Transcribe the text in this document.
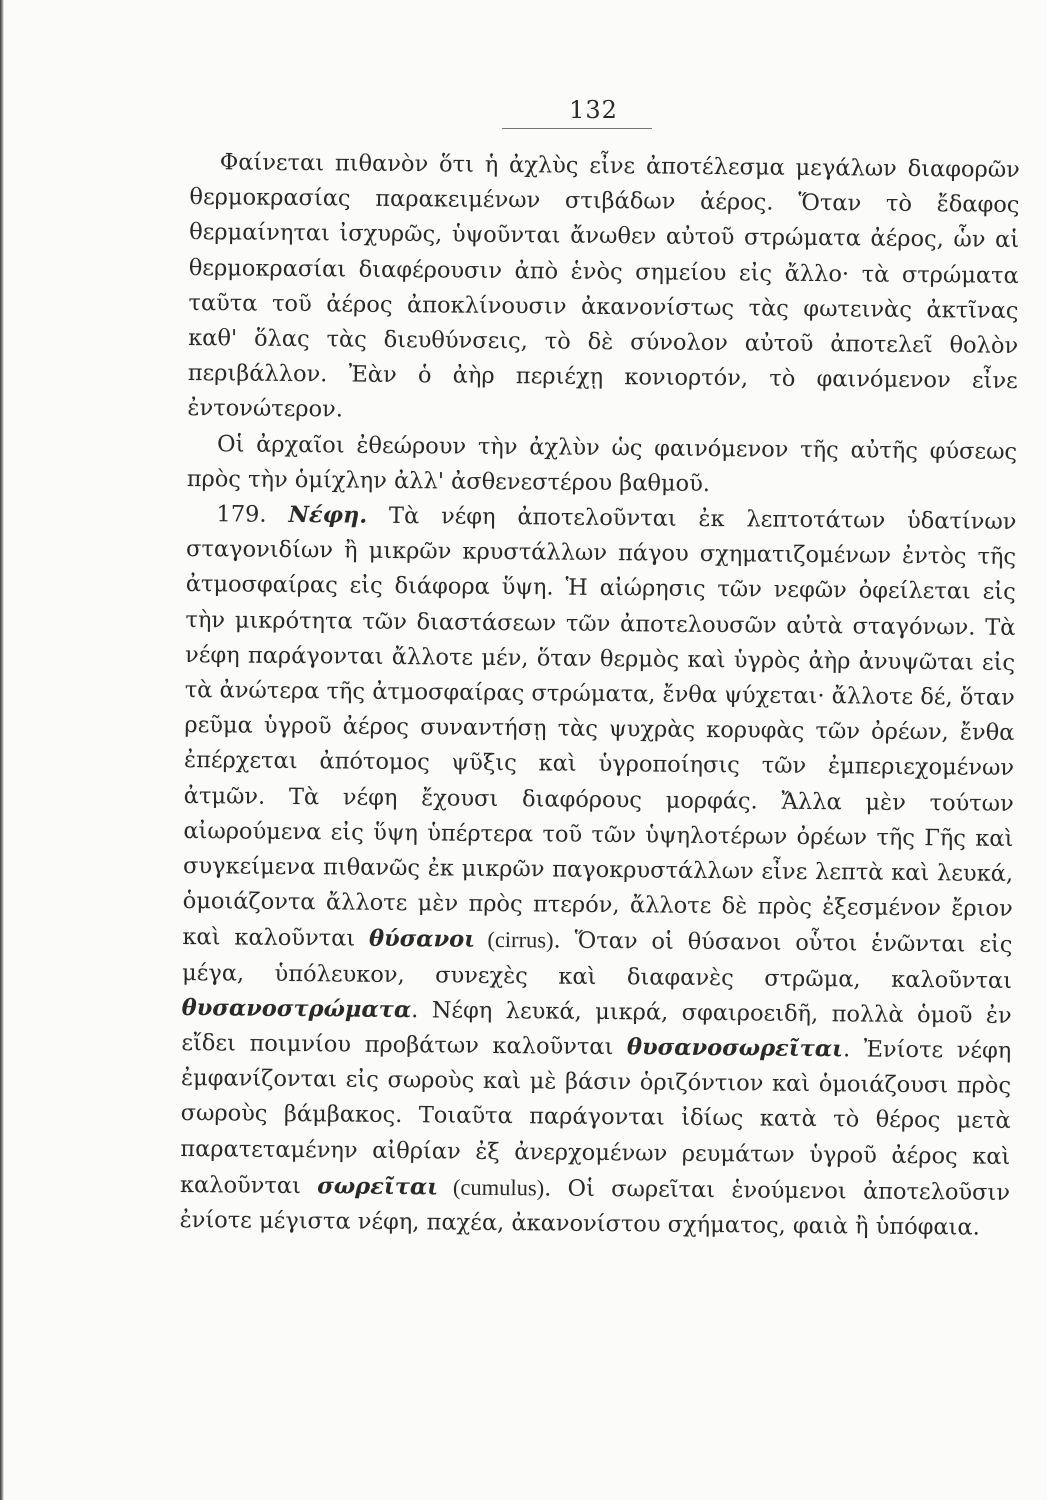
132

Φαίνεται πιθανὸν ὅτι ἡ ἀχλὺς εἶνε ἀποτέλεσμα μεγάλων διαφορῶν θερμοκρασίας παρακειμένων στιβάδων ἀέρος. Ὅταν τὸ ἔδαφος θερμαίνηται ἰσχυρῶς, ὑψοῦνται ἄνωθεν αὐτοῦ στρώματα ἀέρος, ὧν αἱ θερμοκρασίαι διαφέρουσιν ἀπὸ ἑνὸς σημείου εἰς ἄλλο· τὰ στρώματα ταῦτα τοῦ ἀέρος ἀποκλίνουσιν ἀκανονίστως τὰς φωτεινὰς ἀκτῖνας καθ' ὅλας τὰς διευθύνσεις, τὸ δὲ σύνολον αὐτοῦ ἀποτελεῖ θολὸν περιβάλλον. Ἐὰν ὁ ἀὴρ περιέχῃ κονιορτόν, τὸ φαινόμενον εἶνε ἐντονώτερον.

Οἱ ἀρχαῖοι ἐθεώρουν τὴν ἀχλὺν ὡς φαινόμενον τῆς αὐτῆς φύσεως πρὸς τὴν ὁμίχλην ἀλλ' ἀσθενεστέρου βαθμοῦ.

179. Νέφη. Τὰ νέφη ἀποτελοῦνται ἐκ λεπτοτάτων ὑδατίνων σταγονιδίων ἢ μικρῶν κρυστάλλων πάγου σχηματιζομένων ἐντὸς τῆς ἀτμοσφαίρας εἰς διάφορα ὕψη. Ἡ αἰώρησις τῶν νεφῶν ὀφείλεται εἰς τὴν μικρότητα τῶν διαστάσεων τῶν ἀποτελουσῶν αὐτὰ σταγόνων. Τὰ νέφη παράγονται ἄλλοτε μέν, ὅταν θερμὸς καὶ ὑγρὸς ἀὴρ ἀνυψῶται εἰς τὰ ἀνώτερα τῆς ἀτμοσφαίρας στρώματα, ἔνθα ψύχεται· ἄλλοτε δέ, ὅταν ρεῦμα ὑγροῦ ἀέρος συναντήσῃ τὰς ψυχρὰς κορυφὰς τῶν ὀρέων, ἔνθα ἐπέρχεται ἀπότομος ψῦξις καὶ ὑγροποίησις τῶν ἐμπεριεχομένων ἀτμῶν. Τὰ νέφη ἔχουσι διαφόρους μορφάς. Ἄλλα μὲν τούτων αἰωρούμενα εἰς ὕψη ὑπέρτερα τοῦ τῶν ὑψηλοτέρων ὀρέων τῆς Γῆς καὶ συγκείμενα πιθανῶς ἐκ μικρῶν παγοκρυστάλλων εἶνε λεπτὰ καὶ λευκά, ὁμοιάζοντα ἄλλοτε μὲν πρὸς πτερόν, ἄλλοτε δὲ πρὸς ἐξεσμένον ἔριον καὶ καλοῦνται θύσανοι (cirrus). Ὅταν οἱ θύσανοι οὗτοι ἑνῶνται εἰς μέγα, ὑπόλευκον, συνεχὲς καὶ διαφανὲς στρῶμα, καλοῦνται θυσανοστρώματα. Νέφη λευκά, μικρά, σφαιροειδῆ, πολλὰ ὁμοῦ ἐν εἴδει ποιμνίου προβάτων καλοῦνται θυσανοσωρεῖται. Ἐνίοτε νέφη ἐμφανίζονται εἰς σωροὺς καὶ μὲ βάσιν ὁριζόντιον καὶ ὁμοιάζουσι πρὸς σωροὺς βάμβακος. Τοιαῦτα παράγονται ἰδίως κατὰ τὸ θέρος μετὰ παρατεταμένην αἰθρίαν ἐξ ἀνερχομένων ρευμάτων ὑγροῦ ἀέρος καὶ καλοῦνται σωρεῖται (cumulus). Οἱ σωρεῖται ἑνούμενοι ἀποτελοῦσιν ἐνίοτε μέγιστα νέφη, παχέα, ἀκανονίστου σχήματος, φαιὰ ἢ ὑπόφαια.
